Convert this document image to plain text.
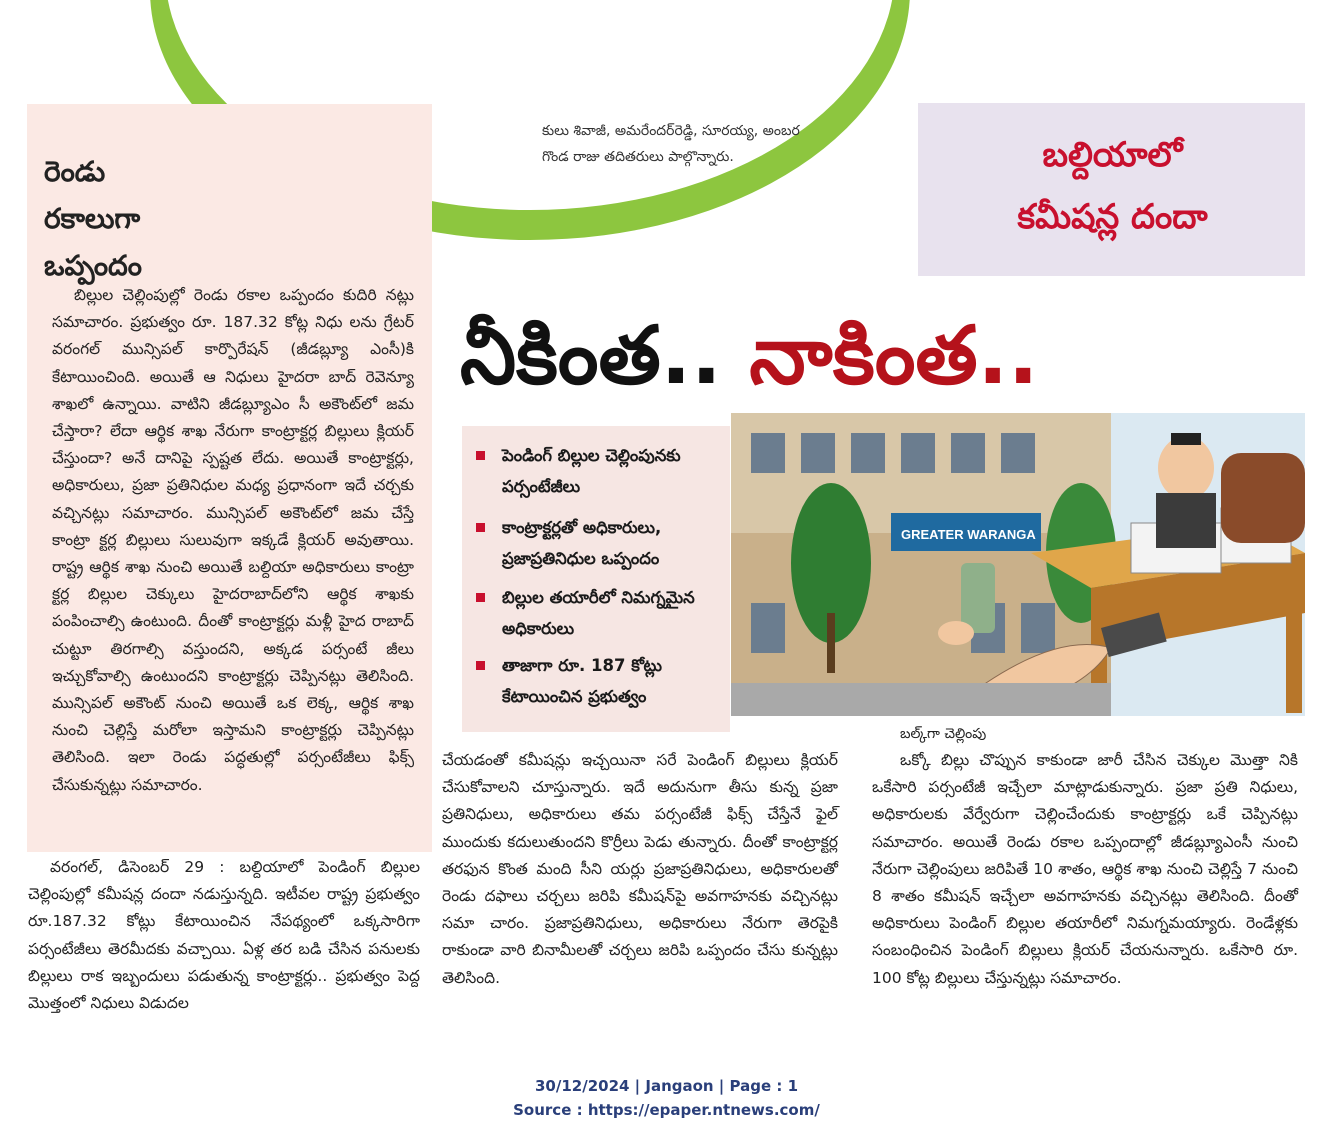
కులు శివాజీ, అమరేందర్‌రెడ్డి, సూరయ్య, అంబర
గొండ రాజు తదితరులు పాల్గొన్నారు.
రెండు
రకాలుగా
ఒప్పందం
బిల్లుల చెల్లింపుల్లో రెండు రకాల ఒప్పందం కుదిరి నట్లు సమాచారం. ప్రభుత్వం రూ. 187.32 కోట్ల నిధు లను గ్రేటర్ వరంగల్ మున్సిపల్ కార్పొరేషన్ (జీడబ్ల్యూ ఎంసీ)కి కేటాయించింది. అయితే ఆ నిధులు హైదరా బాద్ రెవెన్యూ శాఖలో ఉన్నాయి. వాటిని జీడబ్ల్యూఎం సీ అకౌంట్‌లో జమ చేస్తారా? లేదా ఆర్థిక శాఖ నేరుగా కాంట్రాక్టర్ల బిల్లులు క్లియర్ చేస్తుందా? అనే దానిపై స్పష్టత లేదు. అయితే కాంట్రాక్టర్లు, అధికారులు, ప్రజా ప్రతినిధుల మధ్య ప్రధానంగా ఇదే చర్చకు వచ్చినట్లు సమాచారం. మున్సిపల్ అకౌంట్‌లో జమ చేస్తే కాంట్రా క్టర్ల బిల్లులు సులువుగా ఇక్కడే క్లియర్ అవుతాయి. రాష్ట్ర ఆర్థిక శాఖ నుంచి అయితే బల్దియా అధికారులు కాంట్రా క్టర్ల బిల్లుల చెక్కులు హైదరాబాద్‌లోని ఆర్థిక శాఖకు పంపించాల్సి ఉంటుంది. దీంతో కాంట్రాక్టర్లు మళ్లీ హైద రాబాద్ చుట్టూ తిరగాల్సి వస్తుందని, అక్కడ పర్సంటే జీలు ఇచ్చుకోవాల్సి ఉంటుందని కాంట్రాక్టర్లు చెప్పినట్లు తెలిసింది. మున్సిపల్ అకౌంట్ నుంచి అయితే ఒక లెక్క, ఆర్థిక శాఖ నుంచి చెల్లిస్తే మరోలా ఇస్తామని కాంట్రాక్టర్లు చెప్పినట్లు తెలిసింది. ఇలా రెండు పద్ధతుల్లో పర్సంటేజీలు ఫిక్స్ చేసుకున్నట్లు సమాచారం.
బల్దియాలో
కమీషన్ల దందా
నీకింత.. నాకింత..
పెండింగ్ బిల్లుల చెల్లింపునకు పర్సంటేజీలు
కాంట్రాక్టర్లతో అధికారులు, ప్రజాప్రతినిధుల ఒప్పందం
బిల్లుల తయారీలో నిమగ్నమైన అధికారులు
తాజాగా రూ. 187 కోట్లు కేటాయించిన ప్రభుత్వం
GREATER WARANGA
బల్క్‌గా చెల్లింపు
వరంగల్, డిసెంబర్ 29 : బల్దియాలో పెండింగ్ బిల్లుల చెల్లింపుల్లో కమీషన్ల దందా నడుస్తున్నది. ఇటీవల రాష్ట్ర ప్రభుత్వం రూ.187.32 కోట్లు కేటాయించిన నేపథ్యంలో ఒక్కసారిగా పర్సంటేజీలు తెరమీదకు వచ్చాయి. ఏళ్ల తర బడి చేసిన పనులకు బిల్లులు రాక ఇబ్బందులు పడుతున్న కాంట్రాక్టర్లు.. ప్రభుత్వం పెద్ద మొత్తంలో నిధులు విడుదల
చేయడంతో కమీషన్లు ఇచ్చయినా సరే పెండింగ్ బిల్లులు క్లియర్ చేసుకోవాలని చూస్తున్నారు. ఇదే అదునుగా తీసు కున్న ప్రజా ప్రతినిధులు, అధికారులు తమ పర్సంటేజీ ఫిక్స్ చేస్తేనే ఫైల్ ముందుకు కదులుతుందని కొర్రీలు పెడు తున్నారు. దీంతో కాంట్రాక్టర్ల తరఫున కొంత మంది సీని యర్లు ప్రజాప్రతినిధులు, అధికారులతో రెండు దఫాలు చర్చలు జరిపి కమీషన్‌పై అవగాహనకు వచ్చినట్లు సమా చారం. ప్రజాప్రతినిధులు, అధికారులు నేరుగా తెరపైకి రాకుండా వారి బినామీలతో చర్చలు జరిపి ఒప్పందం చేసు కున్నట్లు తెలిసింది.
ఒక్కో బిల్లు చొప్పున కాకుండా జారీ చేసిన చెక్కుల మొత్తా నికి ఒకేసారి పర్సంటేజీ ఇచ్చేలా మాట్లాడుకున్నారు. ప్రజా ప్రతి నిధులు, అధికారులకు వేర్వేరుగా చెల్లించేందుకు కాంట్రాక్టర్లు ఒకే చెప్పినట్లు సమాచారం. అయితే రెండు రకాల ఒప్పందాల్లో జీడబ్ల్యూఎంసీ నుంచి నేరుగా చెల్లింపులు జరిపితే 10 శాతం, ఆర్థిక శాఖ నుంచి చెల్లిస్తే 7 నుంచి 8 శాతం కమీషన్ ఇచ్చేలా అవగాహనకు వచ్చినట్లు తెలిసింది. దీంతో అధికారులు పెండింగ్ బిల్లుల తయారీలో నిమగ్నమయ్యారు. రెండేళ్లకు సంబంధించిన పెండింగ్ బిల్లులు క్లియర్ చేయనున్నారు. ఒకేసారి రూ. 100 కోట్ల బిల్లులు చేస్తున్నట్లు సమాచారం.
30/12/2024 | Jangaon | Page : 1
Source : https://epaper.ntnews.com/
